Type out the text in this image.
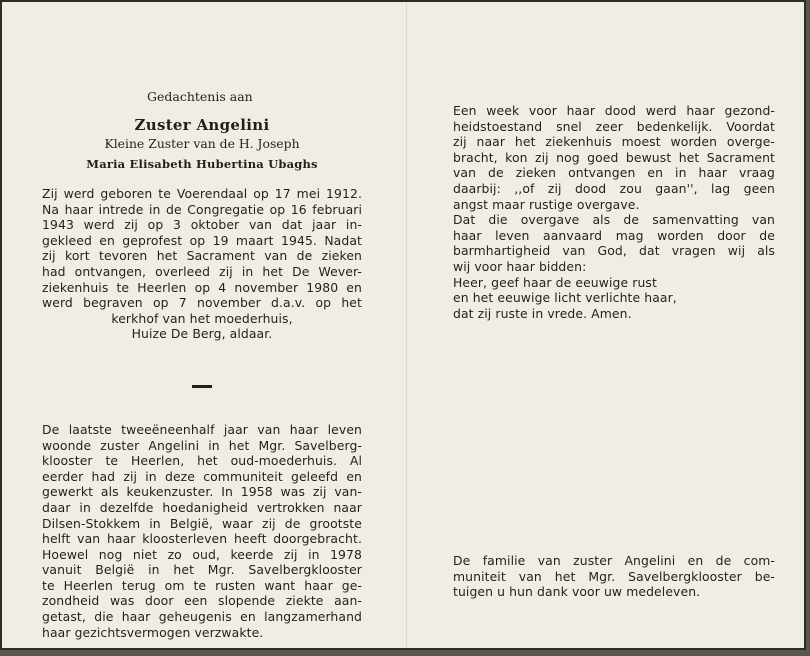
Gedachtenis aan
Zuster Angelini
Kleine Zuster van de H. Joseph
Maria Elisabeth Hubertina Ubaghs
Zij werd geboren te Voerendaal op 17 mei 1912.
Na haar intrede in de Congregatie op 16 februari
1943 werd zij op 3 oktober van dat jaar in-
gekleed en geprofest op 19 maart 1945. Nadat
zij kort tevoren het Sacrament van de zieken
had ontvangen, overleed zij in het De Wever-
ziekenhuis te Heerlen op 4 november 1980 en
werd begraven op 7 november d.a.v. op het
kerkhof van het moederhuis,
Huize De Berg, aldaar.
De laatste tweeëneenhalf jaar van haar leven
woonde zuster Angelini in het Mgr. Savelberg-
klooster te Heerlen, het oud-moederhuis. Al
eerder had zij in deze communiteit geleefd en
gewerkt als keukenzuster. In 1958 was zij van-
daar in dezelfde hoedanigheid vertrokken naar
Dilsen-Stokkem in België, waar zij de grootste
helft van haar kloosterleven heeft doorgebracht.
Hoewel nog niet zo oud, keerde zij in 1978
vanuit België in het Mgr. Savelbergklooster
te Heerlen terug om te rusten want haar ge-
zondheid was door een slopende ziekte aan-
getast, die haar geheugenis en langzamerhand
haar gezichtsvermogen verzwakte.
Een week voor haar dood werd haar gezond-
heidstoestand snel zeer bedenkelijk. Voordat
zij naar het ziekenhuis moest worden overge-
bracht, kon zij nog goed bewust het Sacrament
van de zieken ontvangen en in haar vraag
daarbij: ,,of zij dood zou gaan'', lag geen
angst maar rustige overgave.
Dat die overgave als de samenvatting van
haar leven aanvaard mag worden door de
barmhartigheid van God, dat vragen wij als
wij voor haar bidden:
Heer, geef haar de eeuwige rust
en het eeuwige licht verlichte haar,
dat zij ruste in vrede. Amen.
De familie van zuster Angelini en de com-
muniteit van het Mgr. Savelbergklooster be-
tuigen u hun dank voor uw medeleven.
